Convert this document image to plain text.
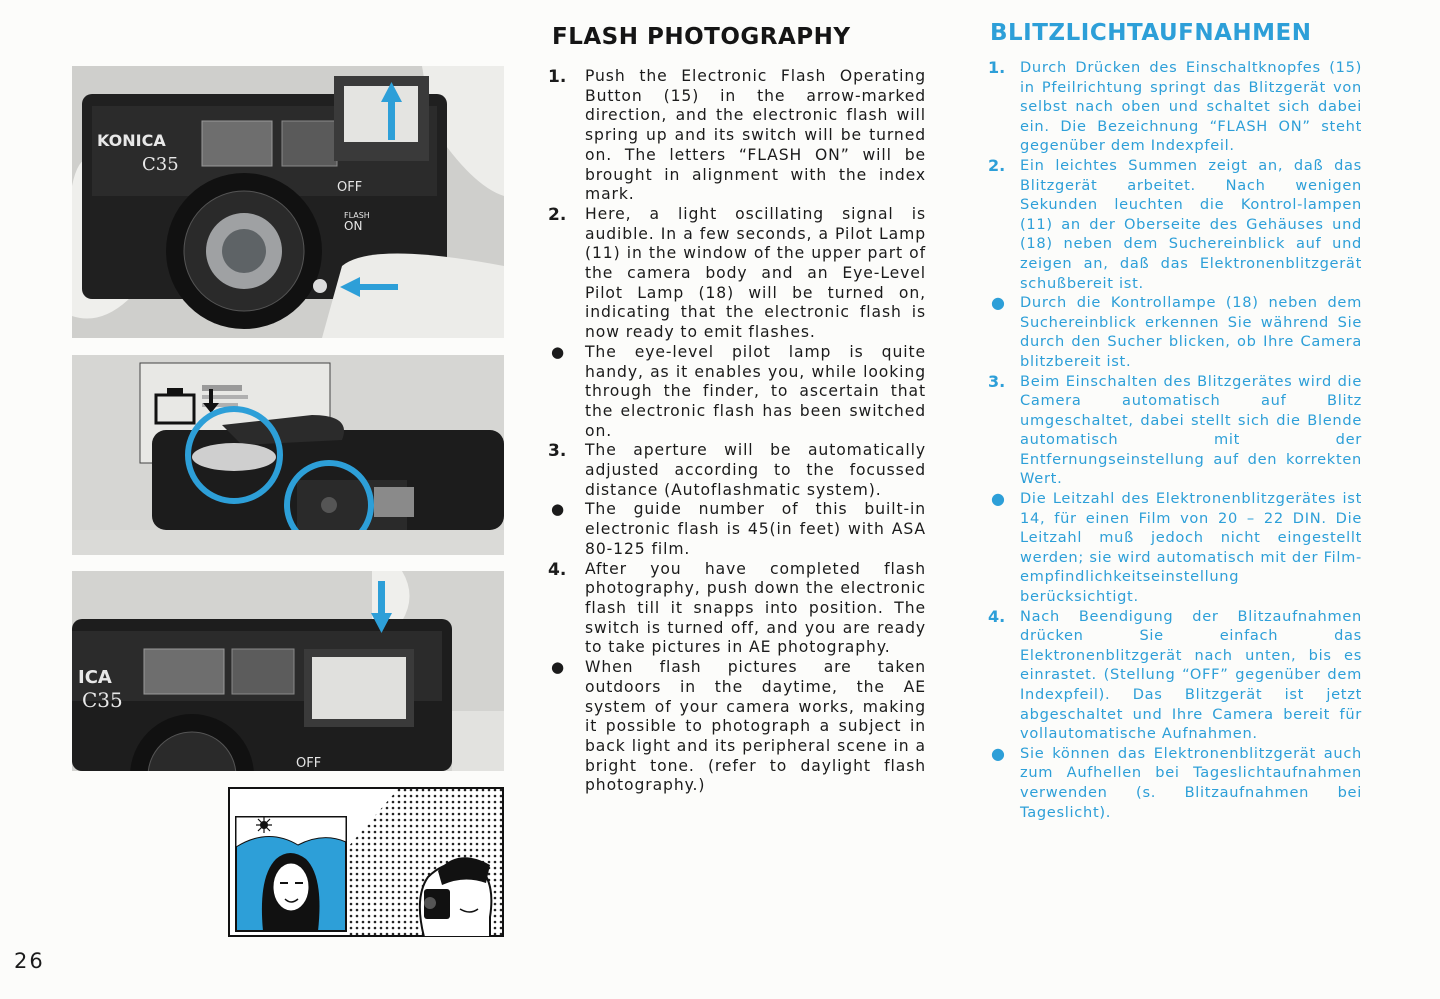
KONICA
C35
OFF
FLASH
ON
ICA
C35
OFF
FLASH PHOTOGRAPHY
1. Push the Electronic Flash Operating Button (15) in the arrow-marked direction, and the electronic flash will spring up and its switch will be turned on. The letters “FLASH ON” will be brought in alignment with the index mark.
2. Here, a light oscillating signal is audible. In a few seconds, a Pilot Lamp (11) in the window of the upper part of the camera body and an Eye-Level Pilot Lamp (18) will be turned on, indicating that the electronic flash is now ready to emit flashes.
● The eye-level pilot lamp is quite handy, as it enables you, while looking through the finder, to ascertain that the electronic flash has been switched on.
3. The aperture will be automatically adjusted according to the focussed distance (Autoflashmatic system).
● The guide number of this built-in electronic flash is 45(in feet) with ASA 80-125 film.
4. After you have completed flash photography, push down the electronic flash till it snapps into position. The switch is turned off, and you are ready to take pictures in AE photography.
● When flash pictures are taken outdoors in the daytime, the AE system of your camera works, making it possible to photograph a subject in back light and its peripheral scene in a bright tone. (refer to daylight flash photography.)
BLITZLICHTAUFNAHMEN
1. Durch Drücken des Einschaltknopfes (15) in Pfeilrichtung springt das Blitzgerät von selbst nach oben und schaltet sich dabei ein. Die Bezeichnung “FLASH ON” steht gegenüber dem Indexpfeil.
2. Ein leichtes Summen zeigt an, daß das Blitzgerät arbeitet. Nach wenigen Sekunden leuchten die Kontrol-lampen (11) an der Oberseite des Gehäuses und (18) neben dem Suchereinblick auf und zeigen an, daß das Elektronenblitzgerät schußbereit ist.
● Durch die Kontrollampe (18) neben dem Suchereinblick erkennen Sie während Sie durch den Sucher blicken, ob Ihre Camera blitzbereit ist.
3. Beim Einschalten des Blitzgerätes wird die Camera automatisch auf Blitz umgeschaltet, dabei stellt sich die Blende automatisch mit der Entfernungseinstellung auf den korrekten Wert.
● Die Leitzahl des Elektronenblitzgerätes ist 14, für einen Film von 20 – 22 DIN. Die Leitzahl muß jedoch nicht eingestellt werden; sie wird automatisch mit der Film-empfindlichkeitseinstellung berücksichtigt.
4. Nach Beendigung der Blitzaufnahmen drücken Sie einfach das Elektronenblitzgerät nach unten, bis es einrastet. (Stellung “OFF” gegenüber dem Indexpfeil). Das Blitzgerät ist jetzt abgeschaltet und Ihre Camera bereit für vollautomatische Aufnahmen.
● Sie können das Elektronenblitzgerät auch zum Aufhellen bei Tageslichtaufnahmen verwenden (s. Blitzaufnahmen bei Tageslicht).
26
